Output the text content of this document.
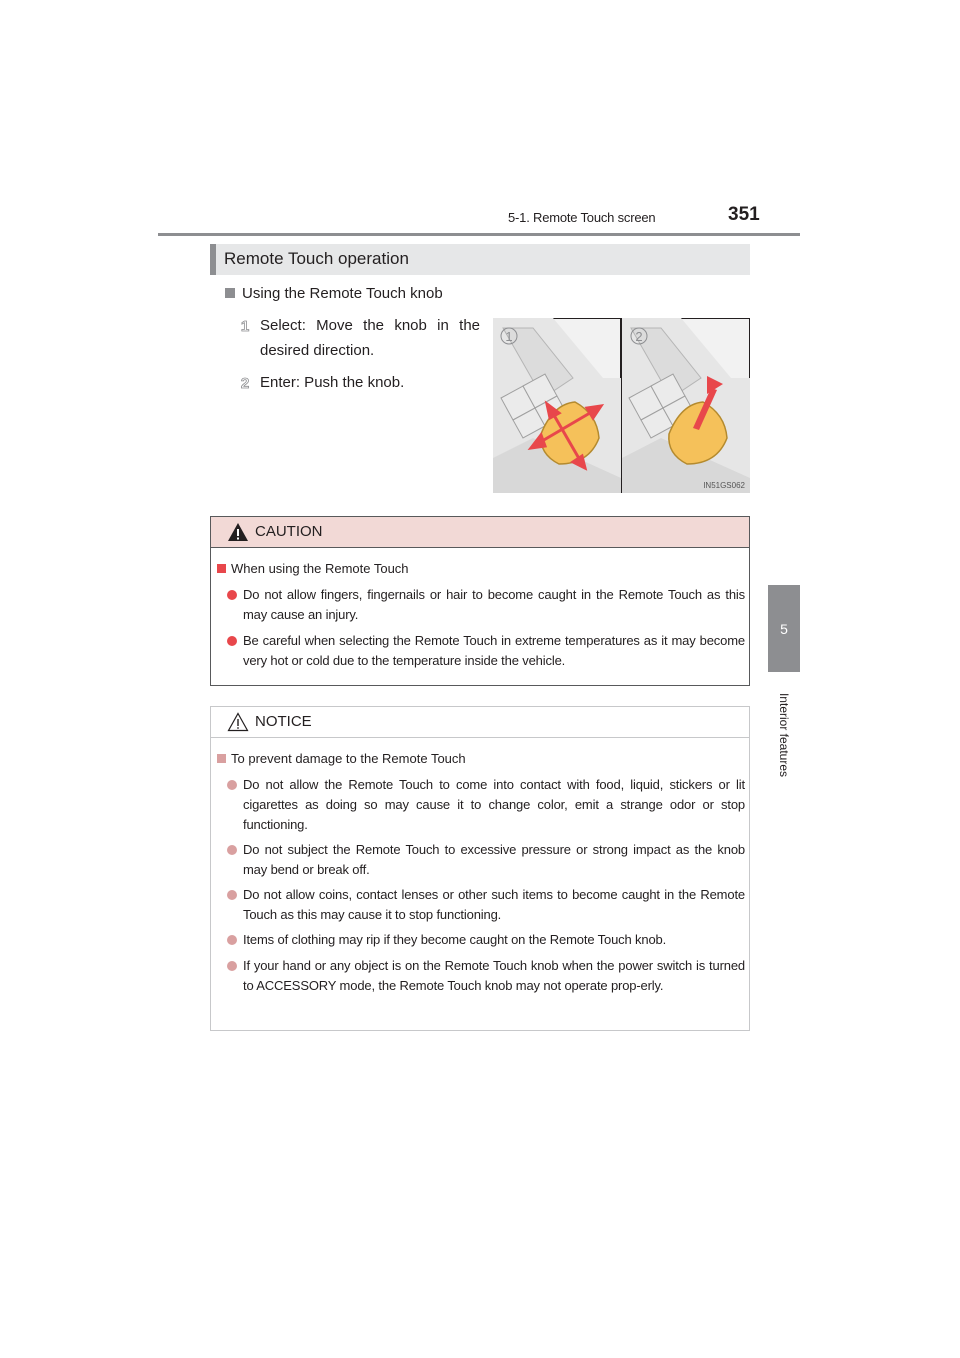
5-1. Remote Touch screen	351
5
Interior features
Remote Touch operation
Using the Remote Touch knob
1 Select: Move the knob in the desired direction.
2 Enter: Push the knob.
1	2
IN51GS062
CAUTION
When using the Remote Touch
Do not allow fingers, fingernails or hair to become caught in the Remote Touch as this may cause an injury.
Be careful when selecting the Remote Touch in extreme temperatures as it may become very hot or cold due to the temperature inside the vehicle.
NOTICE
To prevent damage to the Remote Touch
Do not allow the Remote Touch to come into contact with food, liquid, stickers or lit cigarettes as doing so may cause it to change color, emit a strange odor or stop functioning.
Do not subject the Remote Touch to excessive pressure or strong impact as the knob may bend or break off.
Do not allow coins, contact lenses or other such items to become caught in the Remote Touch as this may cause it to stop functioning.
Items of clothing may rip if they become caught on the Remote Touch knob.
If your hand or any object is on the Remote Touch knob when the power switch is turned to ACCESSORY mode, the Remote Touch knob may not operate prop-erly.
